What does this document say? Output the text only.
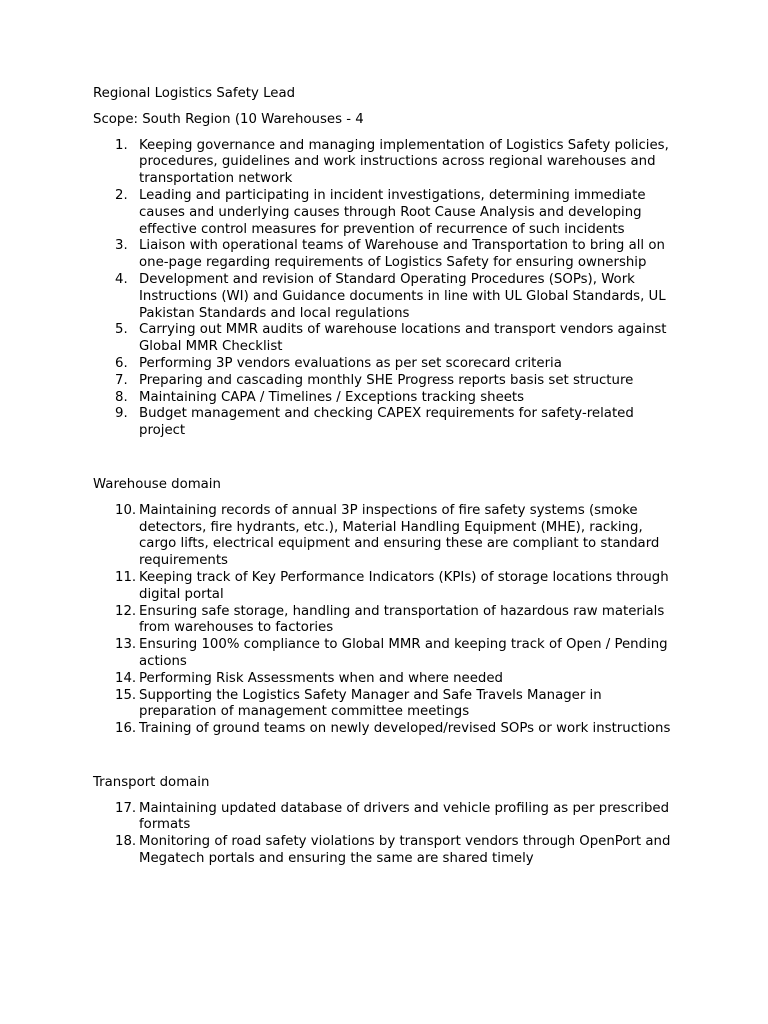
Regional Logistics Safety Lead

Scope: South Region (10 Warehouses - 4

1. Keeping governance and managing implementation of Logistics Safety policies, procedures, guidelines and work instructions across regional warehouses and transportation network
2. Leading and participating in incident investigations, determining immediate causes and underlying causes through Root Cause Analysis and developing effective control measures for prevention of recurrence of such incidents
3. Liaison with operational teams of Warehouse and Transportation to bring all on one-page regarding requirements of Logistics Safety for ensuring ownership
4. Development and revision of Standard Operating Procedures (SOPs), Work Instructions (WI) and Guidance documents in line with UL Global Standards, UL Pakistan Standards and local regulations
5. Carrying out MMR audits of warehouse locations and transport vendors against Global MMR Checklist
6. Performing 3P vendors evaluations as per set scorecard criteria
7. Preparing and cascading monthly SHE Progress reports basis set structure
8. Maintaining CAPA / Timelines / Exceptions tracking sheets
9. Budget management and checking CAPEX requirements for safety-related project

Warehouse domain

10. Maintaining records of annual 3P inspections of fire safety systems (smoke detectors, fire hydrants, etc.), Material Handling Equipment (MHE), racking, cargo lifts, electrical equipment and ensuring these are compliant to standard requirements
11. Keeping track of Key Performance Indicators (KPIs) of storage locations through digital portal
12. Ensuring safe storage, handling and transportation of hazardous raw materials from warehouses to factories
13. Ensuring 100% compliance to Global MMR and keeping track of Open / Pending actions
14. Performing Risk Assessments when and where needed
15. Supporting the Logistics Safety Manager and Safe Travels Manager in preparation of management committee meetings
16. Training of ground teams on newly developed/revised SOPs or work instructions

Transport domain

17. Maintaining updated database of drivers and vehicle profiling as per prescribed formats
18. Monitoring of road safety violations by transport vendors through OpenPort and Megatech portals and ensuring the same are shared timely
